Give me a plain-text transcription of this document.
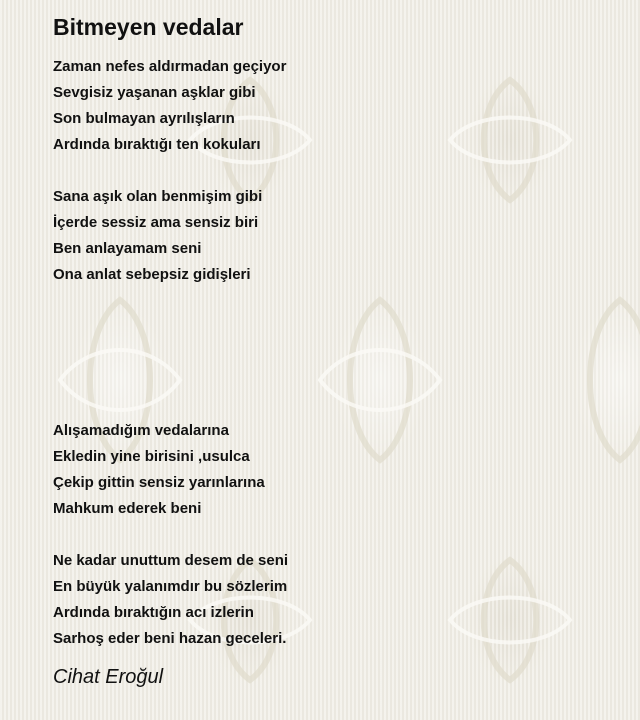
Bitmeyen vedalar
Zaman nefes aldırmadan geçiyor
Sevgisiz yaşanan aşklar gibi
Son bulmayan ayrılışların
Ardında bıraktığı ten kokuları
Sana aşık olan benmişim gibi
İçerde sessiz ama sensiz biri
Ben anlayamam seni
Ona anlat sebepsiz gidişleri
Alışamadığım vedalarına
Ekledin yine birisini ,usulca
Çekip gittin sensiz yarınlarına
Mahkum ederek beni
Ne kadar unuttum desem de seni
En büyük yalanımdır bu sözlerim
Ardında bıraktığın acı izlerin
Sarhoş eder beni hazan geceleri.
Cihat Eroğul
